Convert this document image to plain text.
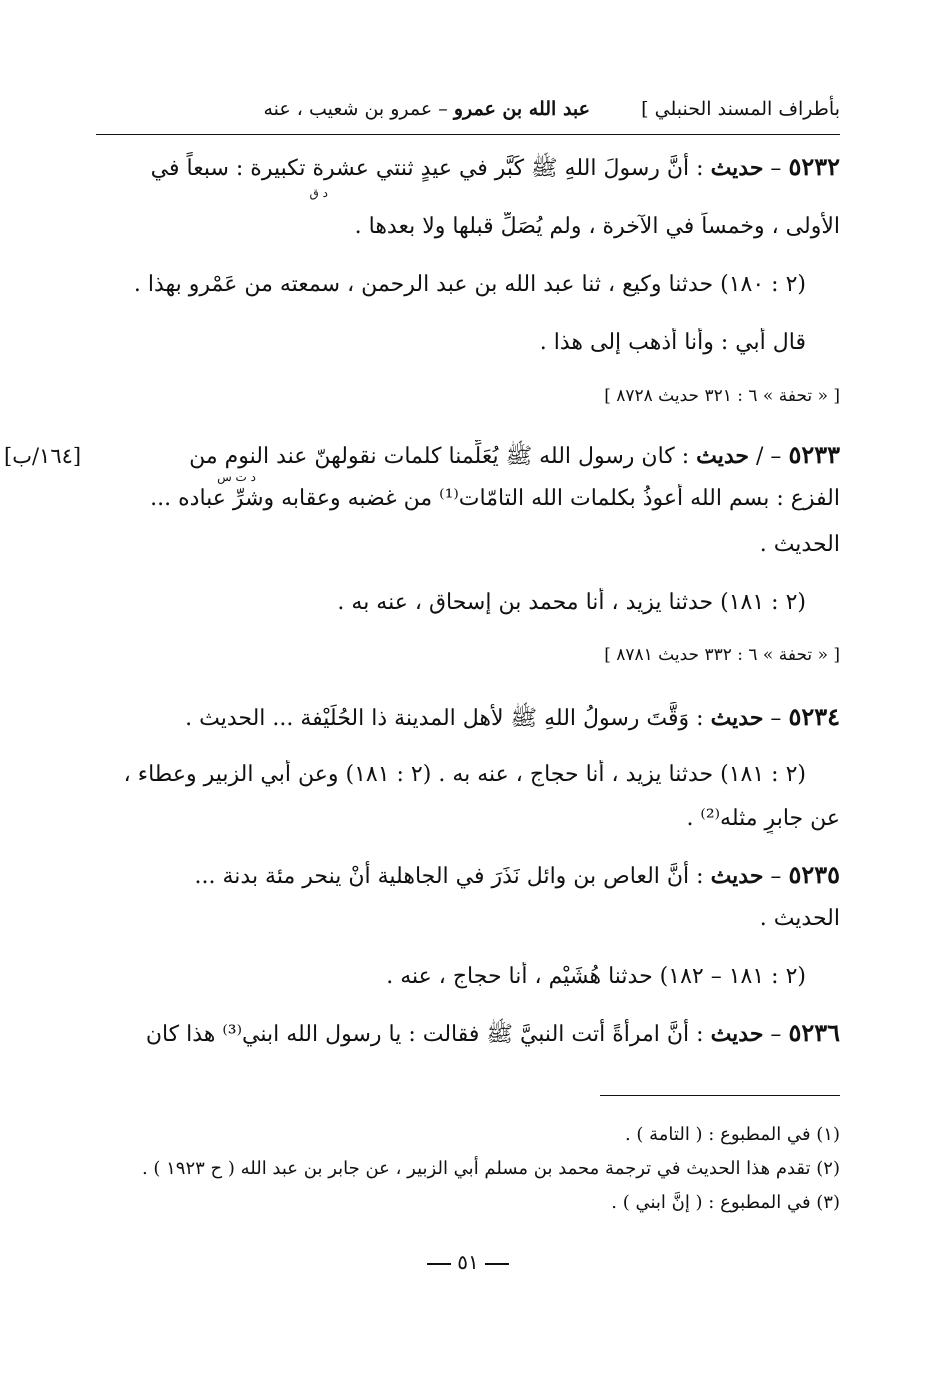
بأطراف المسند الحنبلي ]
عبد الله بن عمرو – عمرو بن شعيب ، عنه
٥٢٣٢ – حديث : أنَّ رسولَ اللهِ ﷺ كَبَّر في عيدٍ ثنتي عشرة تكبيرة : سبعاً في
د ق
الأولى ، وخمساً في الآخرة ، ولم يُصَلِّ قبلها ولا بعدها .
(٢ : ١٨٠) حدثنا وكيع ، ثنا عبد الله بن عبد الرحمن ، سمعته من عَمْرو بهذا .
قال أبي : وأنا أذهب إلى هذا .
[ « تحفة » ٦ : ٣٢١ حديث ٨٧٢٨ ]
[١٦٤/ب]	٥٢٣٣ – / حديث : كان رسول الله ﷺ يُعَلِّمنا كلمات نقولهنّ عند النوم من
د ت س
الفزع : بسم الله أعوذُ بكلمات الله التامّات⁽¹⁾ من غضبه وعقابه وشرِّ عباده ...
الحديث .
(٢ : ١٨١) حدثنا يزيد ، أنا محمد بن إسحاق ، عنه به .
[ « تحفة » ٦ : ٣٣٢ حديث ٨٧٨١ ]
٥٢٣٤ – حديث : وَقَّتَ رسولُ اللهِ ﷺ لأهل المدينة ذا الحُلَيْفة ... الحديث .
(٢ : ١٨١) حدثنا يزيد ، أنا حجاج ، عنه به . (٢ : ١٨١) وعن أبي الزبير وعطاء ،
عن جابرٍ مثله⁽²⁾ .
٥٢٣٥ – حديث : أنَّ العاص بن وائل نَذَرَ في الجاهلية أنْ ينحر مئة بدنة ...
الحديث .
(٢ : ١٨١ – ١٨٢) حدثنا هُشَيْم ، أنا حجاج ، عنه .
٥٢٣٦ – حديث : أنَّ امرأةً أتت النبيَّ ﷺ فقالت : يا رسول الله ابني⁽³⁾ هذا كان
(١) في المطبوع : ( التامة ) .
(٢) تقدم هذا الحديث في ترجمة محمد بن مسلم أبي الزبير ، عن جابر بن عبد الله ( ح ١٩٢٣ ) .
(٣) في المطبوع : ( إنَّ ابني ) .
٥١
